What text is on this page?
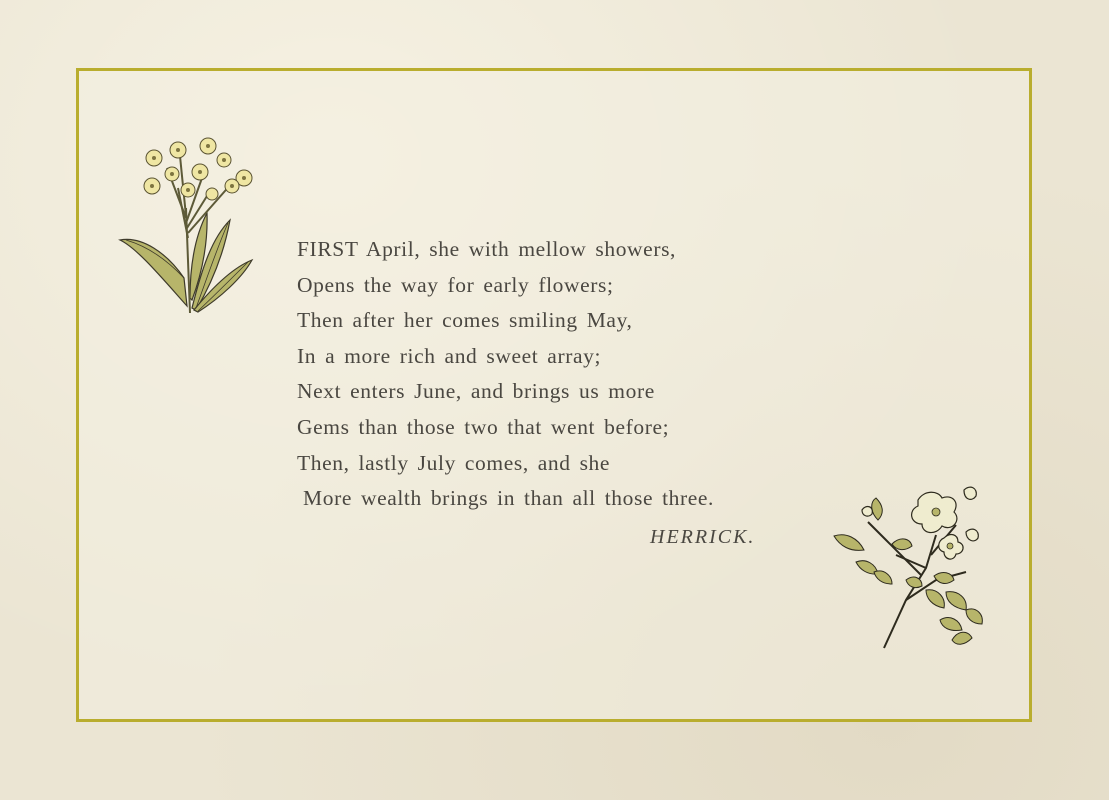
FIRST April, she with mellow showers,
Opens the way for early flowers;
Then after her comes smiling May,
In a more rich and sweet array;
Next enters June, and brings us more
Gems than those two that went before;
Then, lastly July comes, and she
More wealth brings in than all those three.
HERRICK.
